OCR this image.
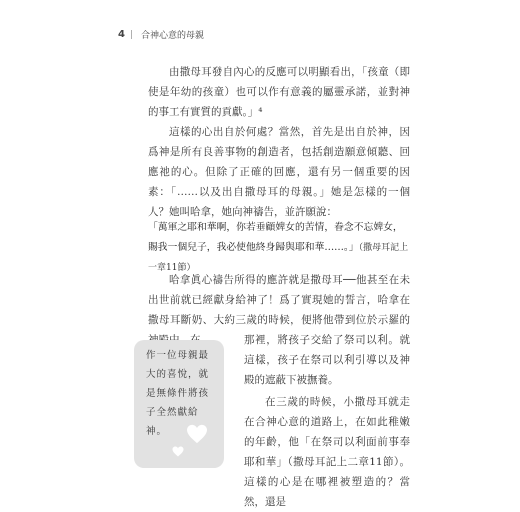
4 | 合神心意的母親

由撒母耳發自內心的反應可以明顯看出，「孩童（即使是年幼的孩童）也可以作有意義的屬靈承諾，並對神的事工有實質的貢獻。」⁴

這樣的心出自於何處？當然，首先是出自於神，因爲神是所有良善事物的創造者，包括創造願意傾聽、回應祂的心。但除了正確的回應，還有另一個重要的因素：「……以及出自撒母耳的母親。」她是怎樣的一個人？她叫哈拿，她向神禱告，並許願說：

「萬軍之耶和華啊，你若垂顧婢女的苦情，眷念不忘婢女，賜我一個兒子，我必使他終身歸與耶和華……。」（撒母耳記上一章11節）

哈拿眞心禱告所得的應許就是撒母耳──他甚至在未出世前就已經獻身給神了！爲了實現她的誓言，哈拿在撒母耳斷奶、大約三歲的時候，便將他帶到位於示羅的

那裡，將孩子交給了祭司以利。就這樣，孩子在祭司以利引導以及神殿的遮蔽下被撫養。

在三歲的時候，小撒母耳就走在合神心意的道路上，在如此稚嫩的年齡，他「在祭司以利面前事奉耶和華」（撒母耳記上二章11節）。這樣的心是在哪裡被塑造的？當然，還是

作一位母親最大的喜悅，就是無條件將孩子全然獻給神。
